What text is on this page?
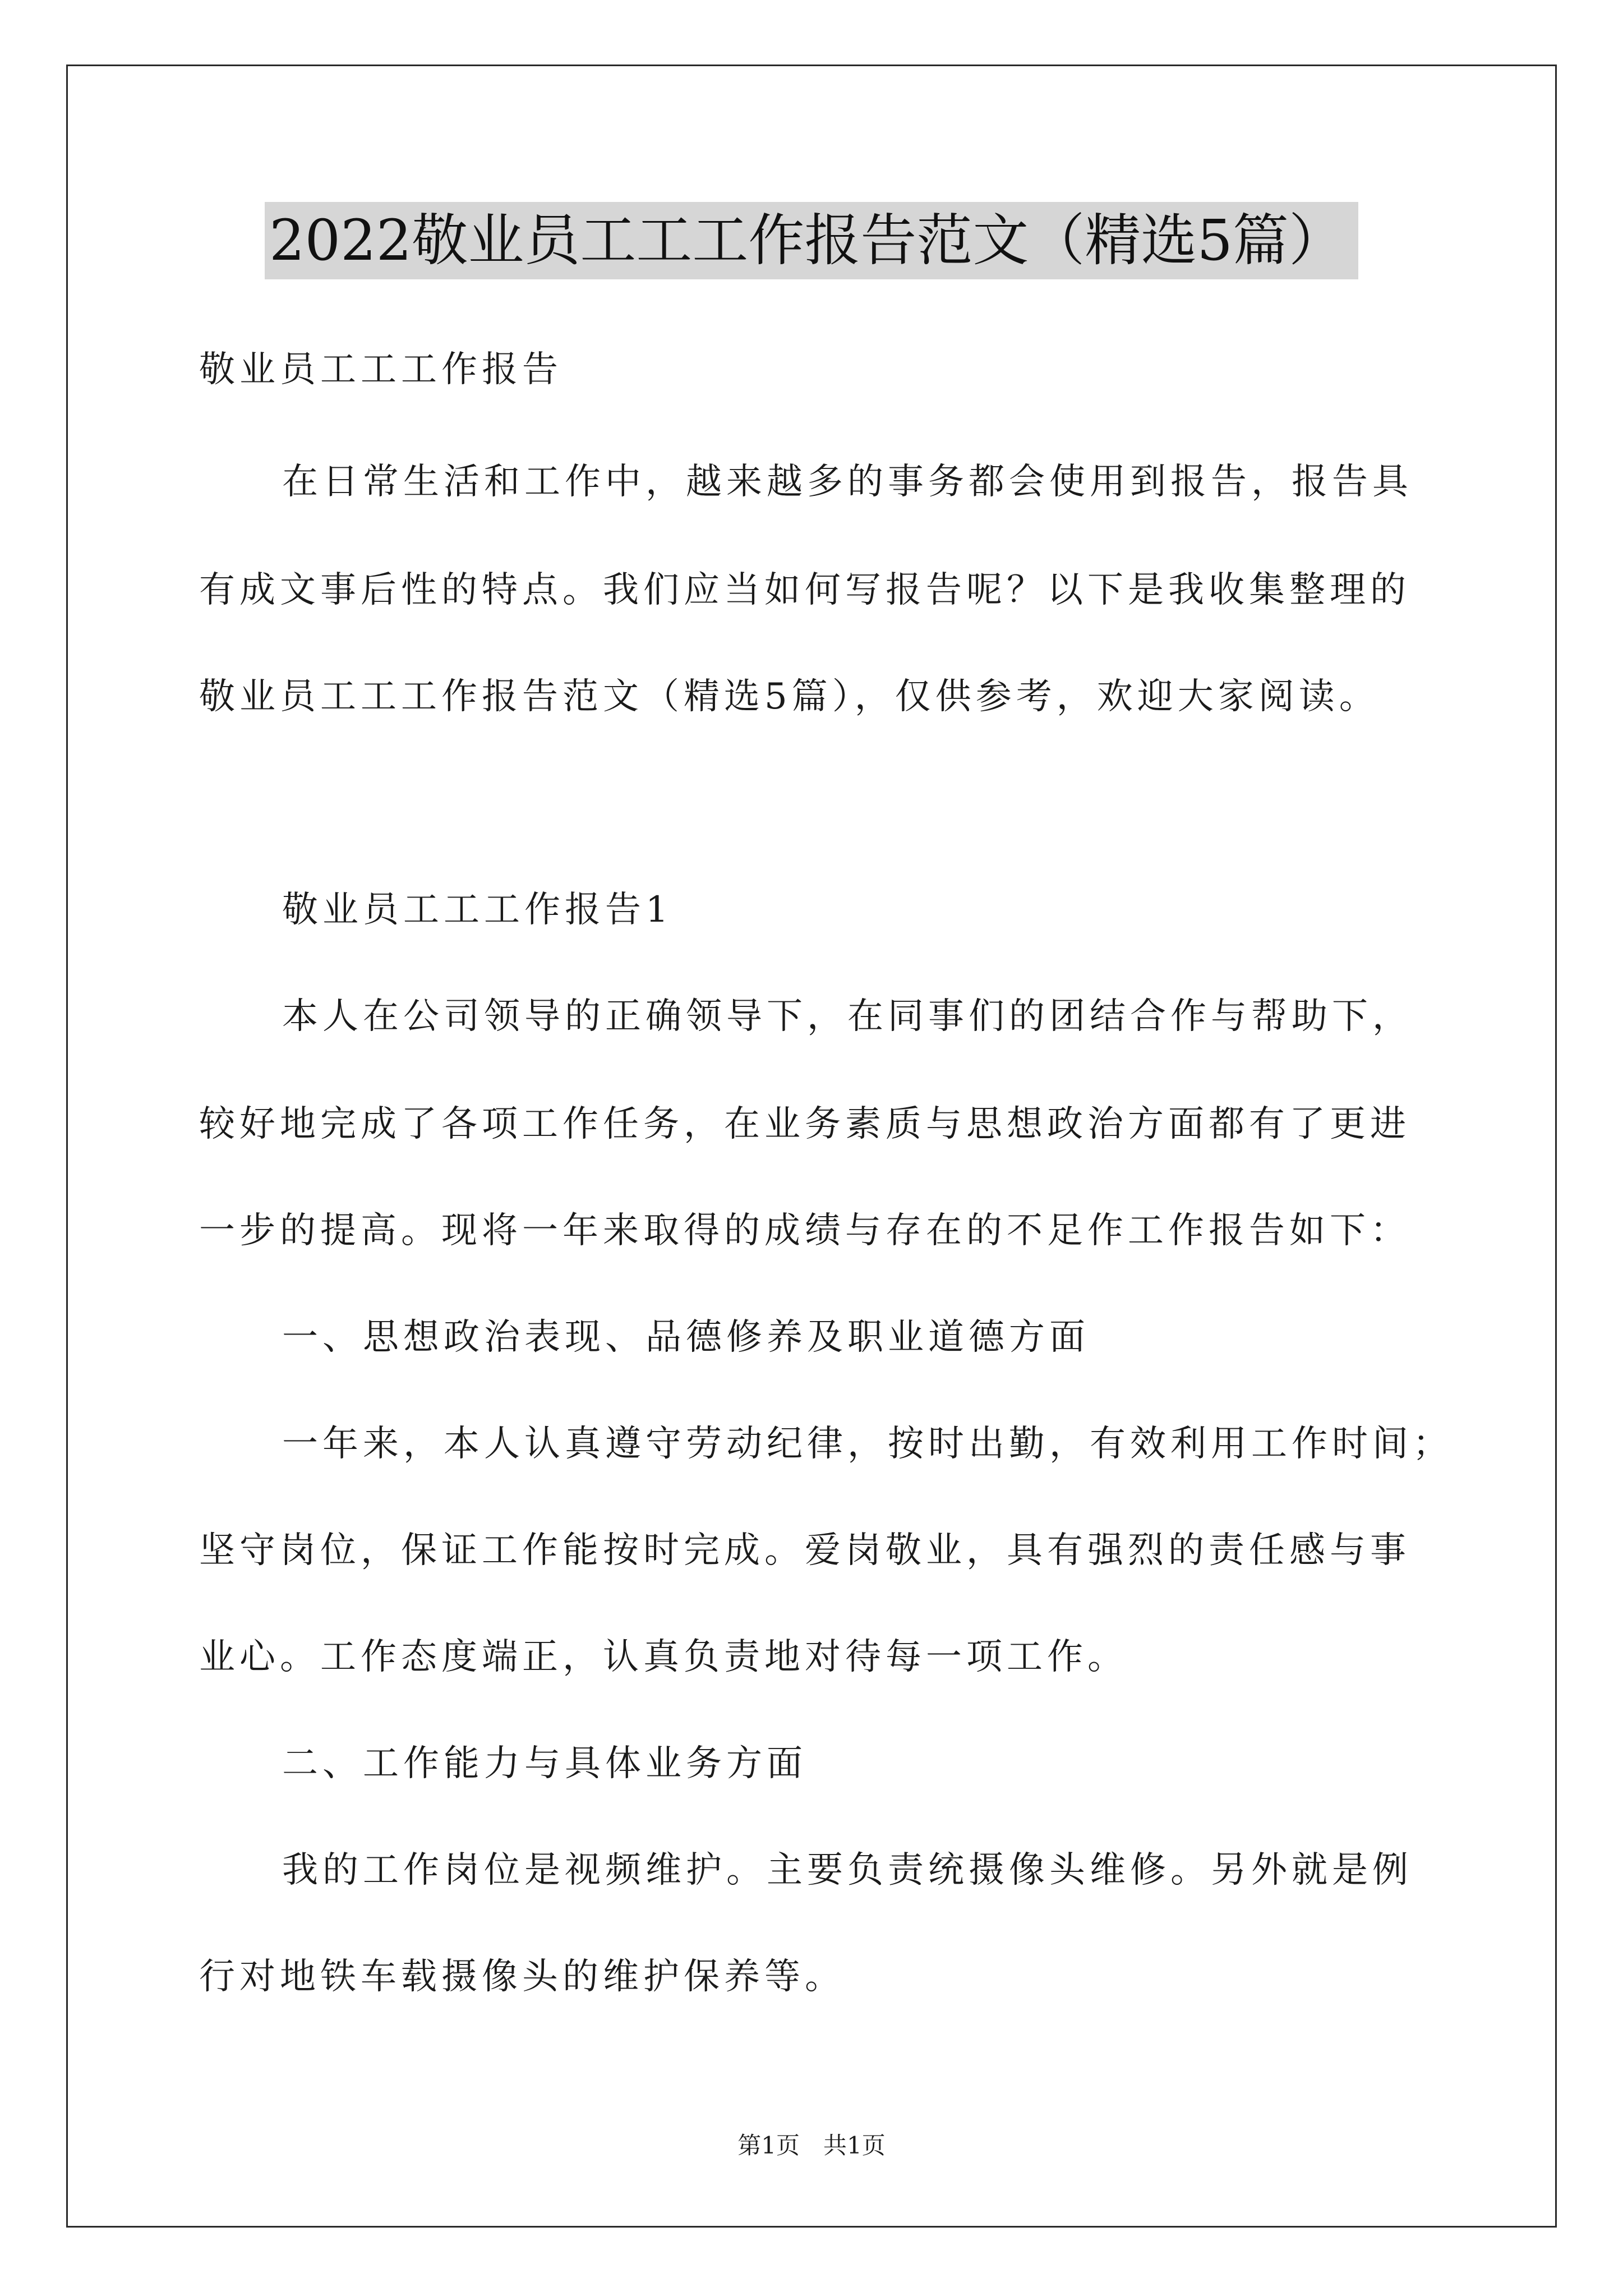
2022敬业员工工工作报告范文（精选5篇）
敬业员工工工作报告
在日常生活和工作中，越来越多的事务都会使用到报告，报告具
有成文事后性的特点。我们应当如何写报告呢？以下是我收集整理的
敬业员工工工作报告范文（精选5篇），仅供参考，欢迎大家阅读。
敬业员工工工作报告1
本人在公司领导的正确领导下，在同事们的团结合作与帮助下，
较好地完成了各项工作任务，在业务素质与思想政治方面都有了更进
一步的提高。现将一年来取得的成绩与存在的不足作工作报告如下：
一、思想政治表现、品德修养及职业道德方面
一年来，本人认真遵守劳动纪律，按时出勤，有效利用工作时间；
坚守岗位，保证工作能按时完成。爱岗敬业，具有强烈的责任感与事
业心。工作态度端正，认真负责地对待每一项工作。
二、工作能力与具体业务方面
我的工作岗位是视频维护。主要负责统摄像头维修。另外就是例
行对地铁车载摄像头的维护保养等。
第1页　共1页
